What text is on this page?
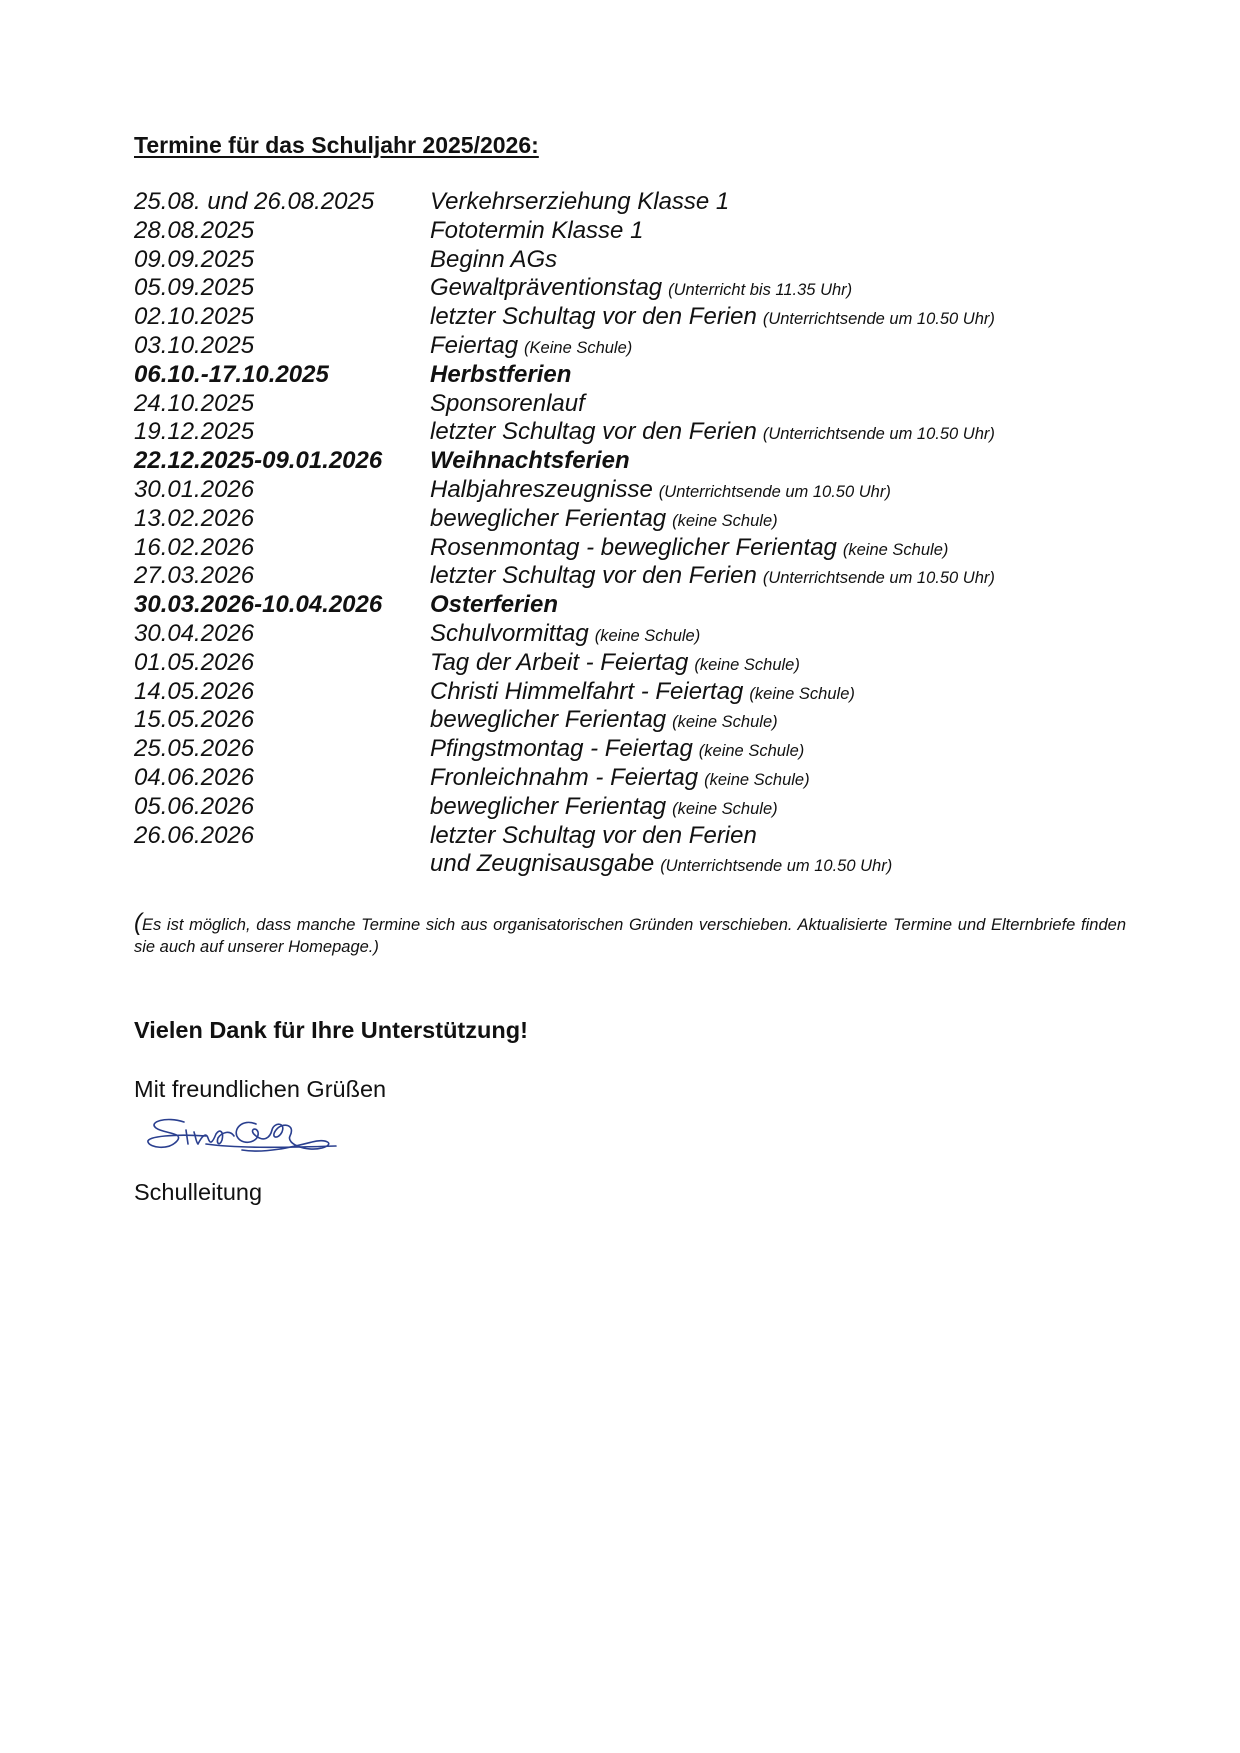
Termine für das Schuljahr 2025/2026:
25.08. und 26.08.2025	Verkehrserziehung Klasse 1
28.08.2025	Fototermin Klasse 1
09.09.2025	Beginn AGs
05.09.2025	Gewaltpräventionstag (Unterricht bis 11.35 Uhr)
02.10.2025	letzter Schultag vor den Ferien (Unterrichtsende um 10.50 Uhr)
03.10.2025	Feiertag (Keine Schule)
06.10.-17.10.2025	Herbstferien
24.10.2025	Sponsorenlauf
19.12.2025	letzter Schultag vor den Ferien (Unterrichtsende um 10.50 Uhr)
22.12.2025-09.01.2026	Weihnachtsferien
30.01.2026	Halbjahreszeugnisse (Unterrichtsende um 10.50 Uhr)
13.02.2026	beweglicher Ferientag (keine Schule)
16.02.2026	Rosenmontag - beweglicher Ferientag (keine Schule)
27.03.2026	letzter Schultag vor den Ferien (Unterrichtsende um 10.50 Uhr)
30.03.2026-10.04.2026	Osterferien
30.04.2026	Schulvormittag (keine Schule)
01.05.2026	Tag der Arbeit - Feiertag (keine Schule)
14.05.2026	Christi Himmelfahrt - Feiertag (keine Schule)
15.05.2026	beweglicher Ferientag (keine Schule)
25.05.2026	Pfingstmontag - Feiertag (keine Schule)
04.06.2026	Fronleichnahm - Feiertag (keine Schule)
05.06.2026	beweglicher Ferientag (keine Schule)
26.06.2026	letzter Schultag vor den Ferien
und Zeugnisausgabe (Unterrichtsende um 10.50 Uhr)
(Es ist möglich, dass manche Termine sich aus organisatorischen Gründen verschieben. Aktualisierte Termine und Elternbriefe finden sie auch auf unserer Homepage.)
Vielen Dank für Ihre Unterstützung!
Mit freundlichen Grüßen
Schulleitung
